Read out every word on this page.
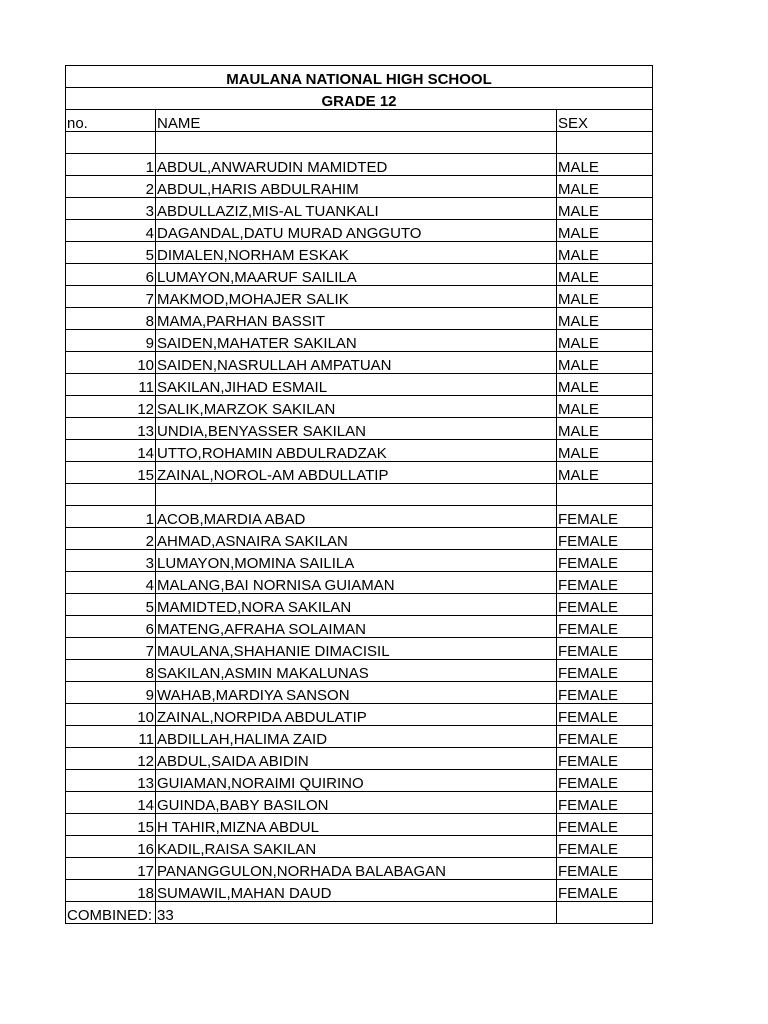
MAULANA NATIONAL HIGH SCHOOL		
GRADE 12		
no.	NAME	SEX

1	ABDUL,ANWARUDIN MAMIDTED	MALE
2	ABDUL,HARIS ABDULRAHIM	MALE
3	ABDULLAZIZ,MIS-AL TUANKALI	MALE
4	DAGANDAL,DATU MURAD ANGGUTO	MALE
5	DIMALEN,NORHAM ESKAK	MALE
6	LUMAYON,MAARUF SAILILA	MALE
7	MAKMOD,MOHAJER SALIK	MALE
8	MAMA,PARHAN BASSIT	MALE
9	SAIDEN,MAHATER SAKILAN	MALE
10	SAIDEN,NASRULLAH AMPATUAN	MALE
11	SAKILAN,JIHAD ESMAIL	MALE
12	SALIK,MARZOK SAKILAN	MALE
13	UNDIA,BENYASSER SAKILAN	MALE
14	UTTO,ROHAMIN ABDULRADZAK	MALE
15	ZAINAL,NOROL-AM ABDULLATIP	MALE

1	ACOB,MARDIA ABAD	FEMALE
2	AHMAD,ASNAIRA SAKILAN	FEMALE
3	LUMAYON,MOMINA SAILILA	FEMALE
4	MALANG,BAI NORNISA GUIAMAN	FEMALE
5	MAMIDTED,NORA SAKILAN	FEMALE
6	MATENG,AFRAHA SOLAIMAN	FEMALE
7	MAULANA,SHAHANIE DIMACISIL	FEMALE
8	SAKILAN,ASMIN MAKALUNAS	FEMALE
9	WAHAB,MARDIYA SANSON	FEMALE
10	ZAINAL,NORPIDA ABDULATIP	FEMALE
11	ABDILLAH,HALIMA ZAID	FEMALE
12	ABDUL,SAIDA ABIDIN	FEMALE
13	GUIAMAN,NORAIMI QUIRINO	FEMALE
14	GUINDA,BABY BASILON	FEMALE
15	H TAHIR,MIZNA ABDUL	FEMALE
16	KADIL,RAISA SAKILAN	FEMALE
17	PANANGGULON,NORHADA BALABAGAN	FEMALE
18	SUMAWIL,MAHAN DAUD	FEMALE
COMBINED:	33	
